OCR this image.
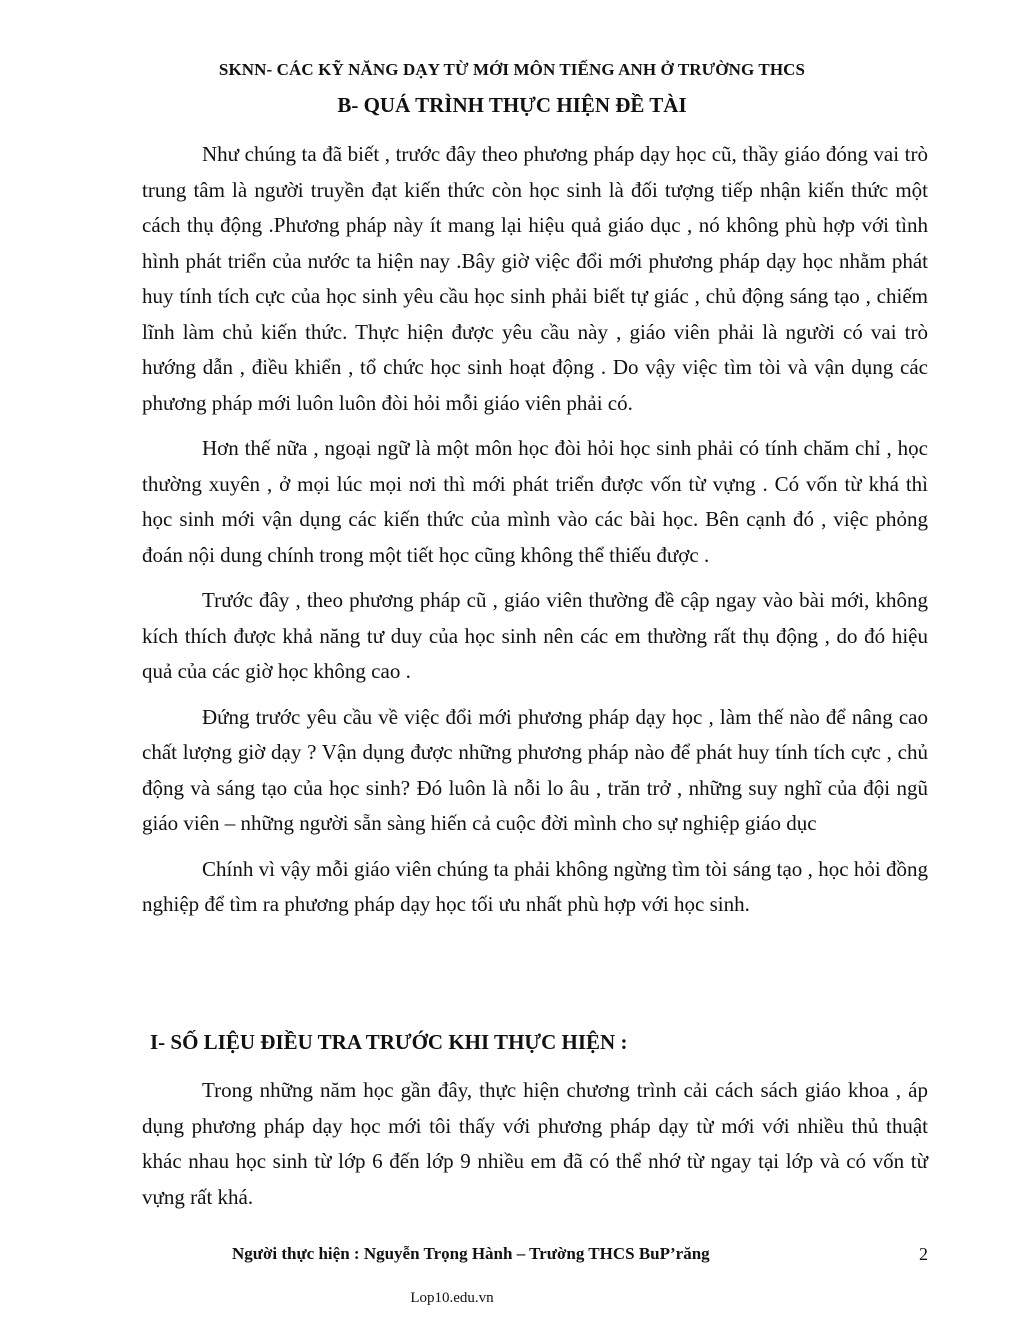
SKNN- CÁC KỸ NĂNG DẠY TỪ MỚI MÔN TIẾNG ANH Ở TRƯỜNG THCS
B- QUÁ TRÌNH THỰC HIỆN ĐỀ TÀI

Như chúng ta đã biết , trước đây theo phương pháp dạy học cũ, thầy giáo đóng vai trò trung tâm là người truyền đạt kiến thức còn học sinh là đối tượng tiếp nhận kiến thức một cách thụ động .Phương pháp này ít mang lại hiệu quả giáo dục , nó không phù hợp với tình hình phát triển của nước ta hiện nay .Bây giờ việc đổi mới phương pháp dạy học nhằm phát huy tính tích cực của học sinh yêu cầu học sinh phải biết tự giác , chủ động sáng tạo , chiếm lĩnh làm chủ kiến thức. Thực hiện được yêu cầu này , giáo viên phải là người có vai trò hướng dẫn , điều khiển , tổ chức học sinh hoạt động . Do vậy việc tìm tòi và vận dụng các phương pháp mới luôn luôn đòi hỏi mỗi giáo viên phải có.

Hơn thế nữa , ngoại ngữ là một môn học đòi hỏi học sinh phải có tính chăm chỉ , học thường xuyên , ở mọi lúc mọi nơi thì mới phát triển được vốn từ vựng . Có vốn từ khá thì học sinh mới vận dụng các kiến thức của mình vào các bài học. Bên cạnh đó , việc phỏng đoán nội dung chính trong một tiết học cũng không thể thiếu được .

Trước đây , theo phương pháp cũ , giáo viên thường đề cập ngay vào bài mới, không kích thích được khả năng tư duy của học sinh nên các em thường rất thụ động , do đó hiệu quả của các giờ học không cao .

Đứng trước yêu cầu về việc đổi mới phương pháp dạy học , làm thế nào để nâng cao chất lượng giờ dạy ? Vận dụng được những phương pháp nào để phát huy tính tích cực , chủ động và sáng tạo của học sinh? Đó luôn là nỗi lo âu , trăn trở , những suy nghĩ của đội ngũ giáo viên – những người sẵn sàng hiến cả cuộc đời mình cho sự nghiệp giáo dục

Chính vì vậy mỗi giáo viên chúng ta phải không ngừng tìm tòi sáng tạo , học hỏi đồng nghiệp để tìm ra phương pháp dạy học tối ưu nhất phù hợp với học sinh.

I- SỐ LIỆU ĐIỀU TRA TRƯỚC KHI THỰC HIỆN :

Trong những năm học gần đây, thực hiện chương trình cải cách sách giáo khoa , áp dụng phương pháp dạy học mới tôi thấy với phương pháp dạy từ mới với nhiều thủ thuật khác nhau học sinh từ lớp 6 đến lớp 9 nhiều em đã có thể nhớ từ ngay tại lớp và có vốn từ vựng rất khá.

Người thực hiện : Nguyễn Trọng Hành – Trường THCS BuP’răng	2
Lop10.edu.vn
